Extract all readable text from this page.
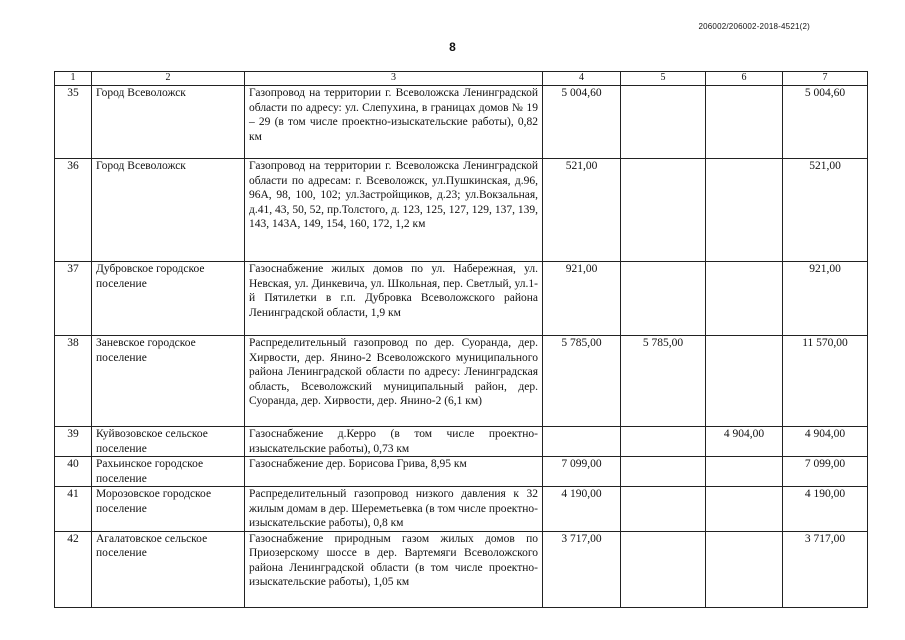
206002/206002-2018-4521(2)
8
1	2	3	4	5	6	7
35	Город Всеволожск	Газопровод на территории г. Всеволожска Ленинградской области по адресу: ул. Слепухина, в границах домов № 19 – 29 (в том числе проектно-изыскательские работы), 0,82 км	5 004,60			5 004,60
36	Город Всеволожск	Газопровод на территории г. Всеволожска Ленинградской области по адресам: г. Всеволожск, ул.Пушкинская, д.96, 96А, 98, 100, 102; ул.Застройщиков, д.23; ул.Вокзальная, д.41, 43, 50, 52, пр.Толстого, д. 123, 125, 127, 129, 137, 139, 143, 143А, 149, 154, 160, 172, 1,2 км	521,00			521,00
37	Дубровское городское поселение	Газоснабжение жилых домов по ул. Набережная, ул. Невская, ул. Динкевича, ул. Школьная, пер. Светлый, ул.1-й Пятилетки в г.п. Дубровка Всеволожского района Ленинградской области, 1,9 км	921,00			921,00
38	Заневское городское поселение	Распределительный газопровод по дер. Суоранда, дер. Хирвости, дер. Янино-2 Всеволожского муниципального района Ленинградской области по адресу: Ленинградская область, Всеволожский муниципальный район, дер. Суоранда, дер. Хирвости, дер. Янино-2 (6,1 км)	5 785,00	5 785,00		11 570,00
39	Куйвозовское сельское поселение	Газоснабжение д.Керро (в том числе проектно-изыскательские работы), 0,73 км			4 904,00	4 904,00
40	Рахьинское городское поселение	Газоснабжение дер. Борисова Грива, 8,95 км	7 099,00			7 099,00
41	Морозовское городское поселение	Распределительный газопровод низкого давления к 32 жилым домам в дер. Шереметьевка (в том числе проектно-изыскательские работы), 0,8 км	4 190,00			4 190,00
42	Агалатовское сельское поселение	Газоснабжение природным газом жилых домов по Приозерскому шоссе в дер. Вартемяги Всеволожского района Ленинградской области (в том числе проектно-изыскательские работы), 1,05 км	3 717,00			3 717,00
